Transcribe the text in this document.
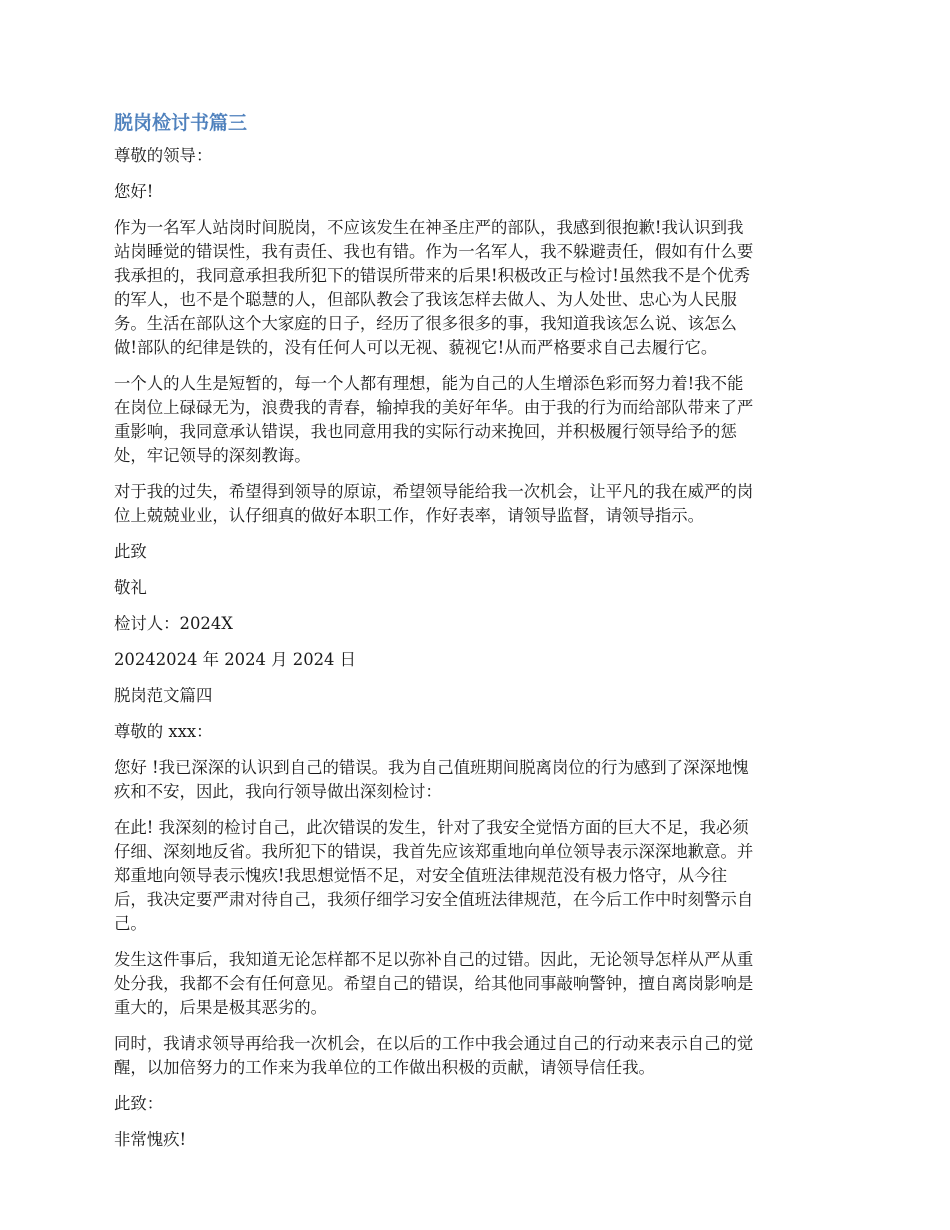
脱岗检讨书篇三
尊敬的领导：
您好!
作为一名军人站岗时间脱岗，不应该发生在神圣庄严的部队，我感到很抱歉!我认识到我
站岗睡觉的错误性，我有责任、我也有错。作为一名军人，我不躲避责任，假如有什么要
我承担的，我同意承担我所犯下的错误所带来的后果!积极改正与检讨!虽然我不是个优秀
的军人，也不是个聪慧的人，但部队教会了我该怎样去做人、为人处世、忠心为人民服
务。生活在部队这个大家庭的日子，经历了很多很多的事，我知道我该怎么说、该怎么
做!部队的纪律是铁的，没有任何人可以无视、藐视它!从而严格要求自己去履行它。
一个人的人生是短暂的，每一个人都有理想，能为自己的人生增添色彩而努力着!我不能
在岗位上碌碌无为，浪费我的青春，输掉我的美好年华。由于我的行为而给部队带来了严
重影响，我同意承认错误，我也同意用我的实际行动来挽回，并积极履行领导给予的惩
处，牢记领导的深刻教诲。
对于我的过失，希望得到领导的原谅，希望领导能给我一次机会，让平凡的我在威严的岗
位上兢兢业业，认仔细真的做好本职工作，作好表率，请领导监督，请领导指示。
此致
敬礼
检讨人：2024X
20242024 年 2024 月 2024 日
脱岗范文篇四
尊敬的 xxx：
您好 !我已深深的认识到自己的错误。我为自己值班期间脱离岗位的行为感到了深深地愧
疚和不安，因此，我向行领导做出深刻检讨：
在此! 我深刻的检讨自己，此次错误的发生，针对了我安全觉悟方面的巨大不足，我必须
仔细、深刻地反省。我所犯下的错误，我首先应该郑重地向单位领导表示深深地歉意。并
郑重地向领导表示愧疚!我思想觉悟不足，对安全值班法律规范没有极力恪守，从今往
后，我决定要严肃对待自己，我须仔细学习安全值班法律规范，在今后工作中时刻警示自
己。
发生这件事后，我知道无论怎样都不足以弥补自己的过错。因此，无论领导怎样从严从重
处分我，我都不会有任何意见。希望自己的错误，给其他同事敲响警钟，擅自离岗影响是
重大的，后果是极其恶劣的。
同时，我请求领导再给我一次机会，在以后的工作中我会通过自己的行动来表示自己的觉
醒，以加倍努力的工作来为我单位的工作做出积极的贡献，请领导信任我。
此致：
非常愧疚!
